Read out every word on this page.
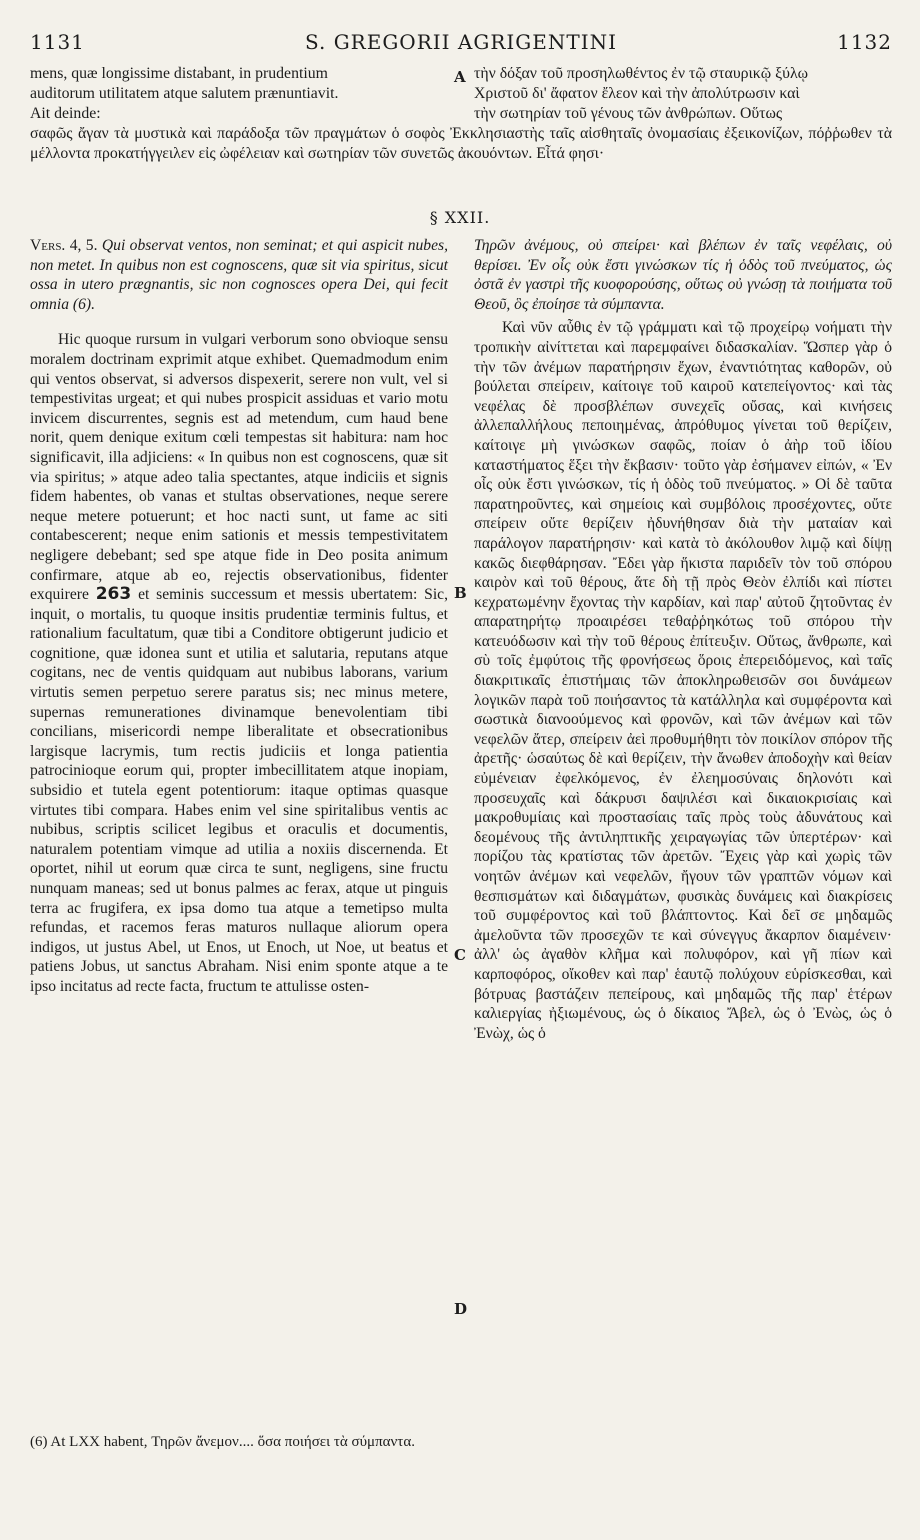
1131	S. GREGORII AGRIGENTINI	1132
mens, quæ longissime distabant, in prudentium	τὴν δόξαν τοῦ προσηλωθέντος ἐν τῷ σταυρικῷ ξύλῳ
auditorum utilitatem atque salutem prænuntiavit.	Χριστοῦ δι' ἄφατον ἔλεον καὶ τὴν ἀπολύτρωσιν καὶ
Ait deinde:	τὴν σωτηρίαν τοῦ γένους τῶν ἀνθρώπων. Οὕτως
σαφῶς ἄγαν τὰ μυστικὰ καὶ παράδοξα τῶν πραγμάτων ὁ σοφὸς Ἐκκλησιαστὴς ταῖς αἰσθηταῖς ὀνομασίαις ἐξεικονίζων, πόῤῥωθεν τὰ μέλλοντα προκατήγγειλεν εἰς ὠφέλειαν καὶ σωτηρίαν τῶν συνετῶς ἀκουόντων. Εἶτά φησι·
A
B
C
D
§ XXII.

Vers. 4, 5. Qui observat ventos, non seminat; et qui aspicit nubes, non metet. In quibus non est cognoscens, quæ sit via spiritus, sicut ossa in utero prægnantis, sic non cognosces opera Dei, qui fecit omnia (6).

Hic quoque rursum in vulgari verborum sono obvioque sensu moralem doctrinam exprimit atque exhibet. Quemadmodum enim qui ventos observat, si adversos dispexerit, serere non vult, vel si tempestivitas urgeat; et qui nubes prospicit assiduas et vario motu invicem discurrentes, segnis est ad metendum, cum haud bene norit, quem denique exitum cœli tempestas sit habitura: nam hoc significavit, illa adjiciens: « In quibus non est cognoscens, quæ sit via spiritus; » atque adeo talia spectantes, atque indiciis et signis fidem habentes, ob vanas et stultas observationes, neque serere neque metere potuerunt; et hoc nacti sunt, ut fame ac siti contabescerent; neque enim sationis et messis tempestivitatem negligere debebant; sed spe atque fide in Deo posita animum confirmare, atque ab eo, rejectis observationibus, fidenter exquirere 263 et seminis successum et messis ubertatem: Sic, inquit, o mortalis, tu quoque insitis prudentiæ terminis fultus, et rationalium facultatum, quæ tibi a Conditore obtigerunt judicio et cognitione, quæ idonea sunt et utilia et salutaria, reputans atque cogitans, nec de ventis quidquam aut nubibus laborans, varium virtutis semen perpetuo serere paratus sis; nec minus metere, supernas remunerationes divinamque benevolentiam tibi concilians, misericordi nempe liberalitate et obsecrationibus largisque lacrymis, tum rectis judiciis et longa patientia patrocinioque eorum qui, propter imbecillitatem atque inopiam, subsidio et tutela egent potentiorum: itaque optimas quasque virtutes tibi compara. Habes enim vel sine spiritalibus ventis ac nubibus, scriptis scilicet legibus et oraculis et documentis, naturalem potentiam vimque ad utilia a noxiis discernenda. Et oportet, nihil ut eorum quæ circa te sunt, negligens, sine fructu nunquam maneas; sed ut bonus palmes ac ferax, atque ut pinguis terra ac frugifera, ex ipsa domo tua atque a temetipso multa refundas, et racemos feras maturos nullaque aliorum opera indigos, ut justus Abel, ut Enos, ut Enoch, ut Noe, ut beatus et patiens Jobus, ut sanctus Abraham. Nisi enim sponte atque a te ipso incitatus ad recte facta, fructum te attulisse osten-

Τηρῶν ἀνέμους, οὐ σπείρει· καὶ βλέπων ἐν ταῖς νεφέλαις, οὐ θερίσει. Ἐν οἷς οὐκ ἔστι γινώσκων τίς ἡ ὁδὸς τοῦ πνεύματος, ὡς ὀστᾶ ἐν γαστρὶ τῆς κυοφορούσης, οὕτως οὐ γνώσῃ τὰ ποιήματα τοῦ Θεοῦ, ὃς ἐποίησε τὰ σύμπαντα.

Καὶ νῦν αὖθις ἐν τῷ γράμματι καὶ τῷ προχείρῳ νοήματι τὴν τροπικὴν αἰνίττεται καὶ παρεμφαίνει διδασκαλίαν. Ὥσπερ γὰρ ὁ τὴν τῶν ἀνέμων παρατήρησιν ἔχων, ἐναντιότητας καθορῶν, οὐ βούλεται σπείρειν, καίτοιγε τοῦ καιροῦ κατεπείγοντος· καὶ τὰς νεφέλας δὲ προσβλέπων συνεχεῖς οὔσας, καὶ κινήσεις ἀλλεπαλλήλους πεποιημένας, ἀπρόθυμος γίνεται τοῦ θερίζειν, καίτοιγε μὴ γινώσκων σαφῶς, ποίαν ὁ ἀὴρ τοῦ ἰδίου καταστήματος ἕξει τὴν ἔκβασιν· τοῦτο γὰρ ἐσήμανεν εἰπών, « Ἐν οἷς οὐκ ἔστι γινώσκων, τίς ἡ ὁδὸς τοῦ πνεύματος. » Οἱ δὲ ταῦτα παρατηροῦντες, καὶ σημείοις καὶ συμβόλοις προσέχοντες, οὔτε σπείρειν οὔτε θερίζειν ἠδυνήθησαν διὰ τὴν ματαίαν καὶ παράλογον παρατήρησιν· καὶ κατὰ τὸ ἀκόλουθον λιμῷ καὶ δίψῃ κακῶς διεφθάρησαν. Ἔδει γὰρ ἥκιστα παριδεῖν τὸν τοῦ σπόρου καιρὸν καὶ τοῦ θέρους, ἅτε δὴ τῇ πρὸς Θεὸν ἐλπίδι καὶ πίστει κεχρατωμένην ἔχοντας τὴν καρδίαν, καὶ παρ' αὐτοῦ ζητοῦντας ἐν απαρατηρήτῳ προαιρέσει τεθαῤῥηκότως τοῦ σπόρου τὴν κατευόδωσιν καὶ τὴν τοῦ θέρους ἐπίτευξιν. Οὕτως, ἄνθρωπε, καὶ σὺ τοῖς ἐμφύτοις τῆς φρονήσεως ὅροις ἐπερειδόμενος, καὶ ταῖς διακριτικαῖς ἐπιστήμαις τῶν ἀποκληρωθεισῶν σοι δυνάμεων λογικῶν παρὰ τοῦ ποιήσαντος τὰ κατάλληλα καὶ συμφέροντα καὶ σωστικὰ διανοούμενος καὶ φρονῶν, καὶ τῶν ἀνέμων καὶ τῶν νεφελῶν ἄτερ, σπείρειν ἀεὶ προθυμήθητι τὸν ποικίλον σπόρον τῆς ἀρετῆς· ὡσαύτως δὲ καὶ θερίζειν, τὴν ἄνωθεν ἀποδοχὴν καὶ θείαν εὐμένειαν ἐφελκόμενος, ἐν ἐλεημοσύναις δηλονότι καὶ προσευχαῖς καὶ δάκρυσι δαψιλέσι καὶ δικαιοκρισίαις καὶ μακροθυμίαις καὶ προστασίαις ταῖς πρὸς τοὺς ἀδυνάτους καὶ δεομένους τῆς ἀντιληπτικῆς χειραγωγίας τῶν ὑπερτέρων· καὶ πορίζου τὰς κρατίστας τῶν ἀρετῶν. Ἔχεις γὰρ καὶ χωρὶς τῶν νοητῶν ἀνέμων καὶ νεφελῶν, ἤγουν τῶν γραπτῶν νόμων καὶ θεσπισμάτων καὶ διδαγμάτων, φυσικὰς δυνάμεις καὶ διακρίσεις τοῦ συμφέροντος καὶ τοῦ βλάπτοντος. Καὶ δεῖ σε μηδαμῶς ἀμελοῦντα τῶν προσεχῶν τε καὶ σύνεγγυς ἄκαρπον διαμένειν· ἀλλ' ὡς ἀγαθὸν κλῆμα καὶ πολυφόρον, καὶ γῆ πίων καὶ καρποφόρος, οἴκοθεν καὶ παρ' ἑαυτῷ πολύχουν εὑρίσκεσθαι, καὶ βότρυας βαστάζειν πεπείρους, καὶ μηδαμῶς τῆς παρ' ἑτέρων καλιεργίας ἠξιωμένους, ὡς ὁ δίκαιος Ἄβελ, ὡς ὁ Ἐνὼς, ὡς ὁ Ἐνὼχ, ὡς ὁ

(6) At LXX habent, Τηρῶν ἄνεμον.... ὅσα ποιήσει τὰ σύμπαντα.
